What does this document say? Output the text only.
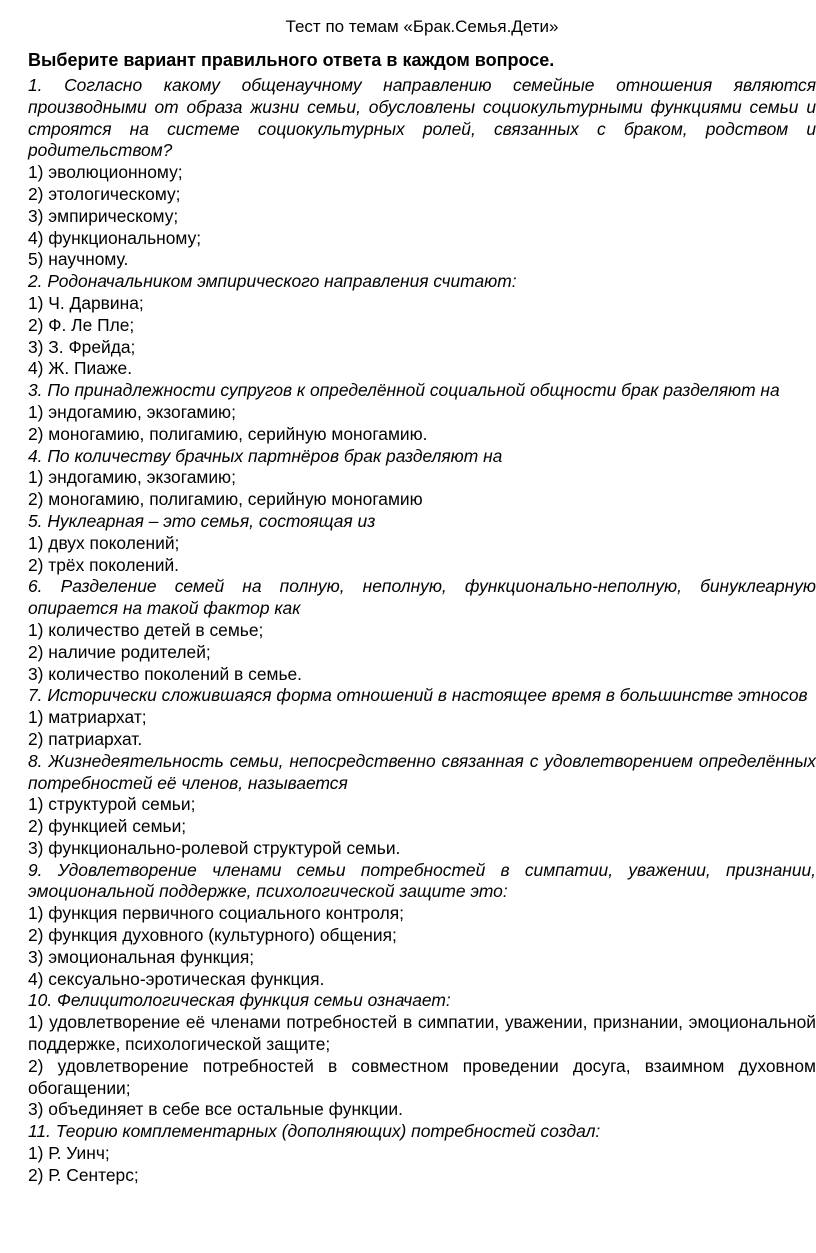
Тест по темам «Брак.Семья.Дети»

Выберите вариант правильного ответа в каждом вопросе.

1. Согласно какому общенаучному направлению семейные отношения являются производными от образа жизни семьи, обусловлены социокультурными функциями семьи и строятся на системе социокультурных ролей, связанных с браком, родством и родительством?

1) эволюционному;

2) этологическому;

3) эмпирическому;

4) функциональному;

5) научному.

2. Родоначальником эмпирического направления считают:

1) Ч. Дарвина;

2) Ф. Ле Пле;

3) З. Фрейда;

4) Ж. Пиаже.

3. По принадлежности супругов к определённой социальной общности брак разделяют на

1) эндогамию, экзогамию;

2) моногамию, полигамию, серийную моногамию.

4. По количеству брачных партнёров брак разделяют на

1) эндогамию, экзогамию;

2) моногамию, полигамию, серийную моногамию

5. Нуклеарная – это семья, состоящая из

1) двух поколений;

2) трёх поколений.

6. Разделение семей на полную, неполную, функционально-неполную, бинуклеарную опирается на такой фактор как

1) количество детей в семье;

2) наличие родителей;

3) количество поколений в семье.

7. Исторически сложившаяся форма отношений в настоящее время в большинстве этносов

1) матриархат;

2) патриархат.

8. Жизнедеятельность семьи, непосредственно связанная с удовлетворением определённых потребностей её членов, называется

1) структурой семьи;

2) функцией семьи;

3) функционально-ролевой структурой семьи.

9. Удовлетворение членами семьи потребностей в симпатии, уважении, признании, эмоциональной поддержке, психологической защите это:

1) функция первичного социального контроля;

2) функция духовного (культурного) общения;

3) эмоциональная функция;

4) сексуально-эротическая функция.

10. Фелицитологическая функция семьи означает:

1) удовлетворение её членами потребностей в симпатии, уважении, признании, эмоциональной поддержке, психологической защите;

2) удовлетворение потребностей в совместном проведении досуга, взаимном духовном обогащении;

3) объединяет в себе все остальные функции.

11. Теорию комплементарных (дополняющих) потребностей создал:

1) Р. Уинч;

2) Р. Сентерс;
